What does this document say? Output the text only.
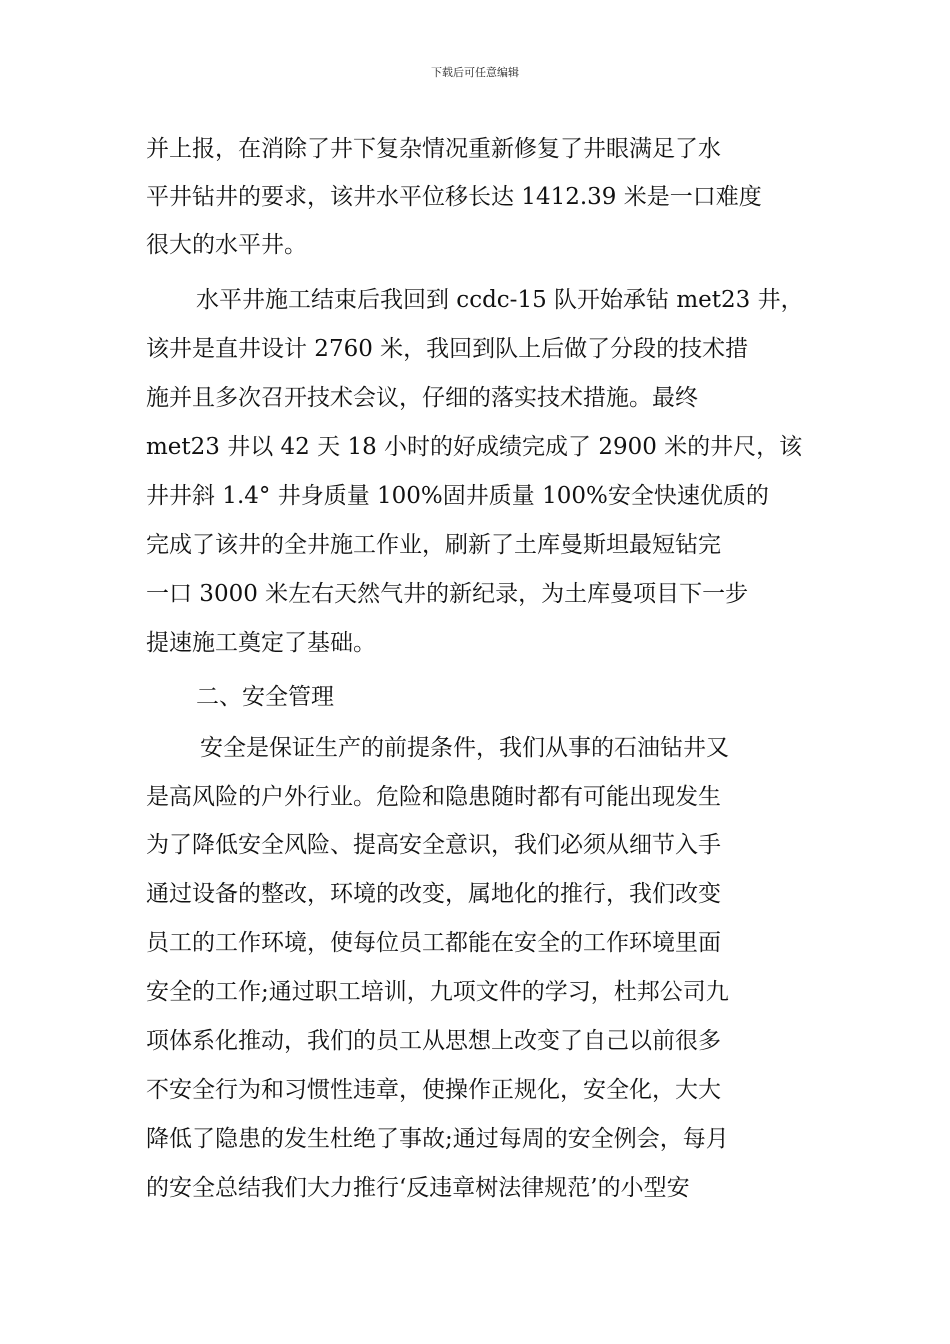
下载后可任意编辑
并上报，在消除了井下复杂情况重新修复了井眼满足了水
平井钻井的要求，该井水平位移长达 1412.39 米是一口难度
很大的水平井。
水平井施工结束后我回到 ccdc-15 队开始承钻 met23 井，
该井是直井设计 2760 米，我回到队上后做了分段的技术措
施并且多次召开技术会议，仔细的落实技术措施。最终
met23 井以 42 天 18 小时的好成绩完成了 2900 米的井尺，该
井井斜 1.4° 井身质量 100%固井质量 100%安全快速优质的
完成了该井的全井施工作业，刷新了土库曼斯坦最短钻完
一口 3000 米左右天然气井的新纪录，为土库曼项目下一步
提速施工奠定了基础。
二、安全管理
安全是保证生产的前提条件，我们从事的石油钻井又
是高风险的户外行业。危险和隐患随时都有可能出现发生
为了降低安全风险、提高安全意识，我们必须从细节入手
通过设备的整改，环境的改变，属地化的推行，我们改变
员工的工作环境，使每位员工都能在安全的工作环境里面
安全的工作;通过职工培训，九项文件的学习，杜邦公司九
项体系化推动，我们的员工从思想上改变了自己以前很多
不安全行为和习惯性违章，使操作正规化，安全化，大大
降低了隐患的发生杜绝了事故;通过每周的安全例会，每月
的安全总结我们大力推行‘反违章树法律规范’的小型安
